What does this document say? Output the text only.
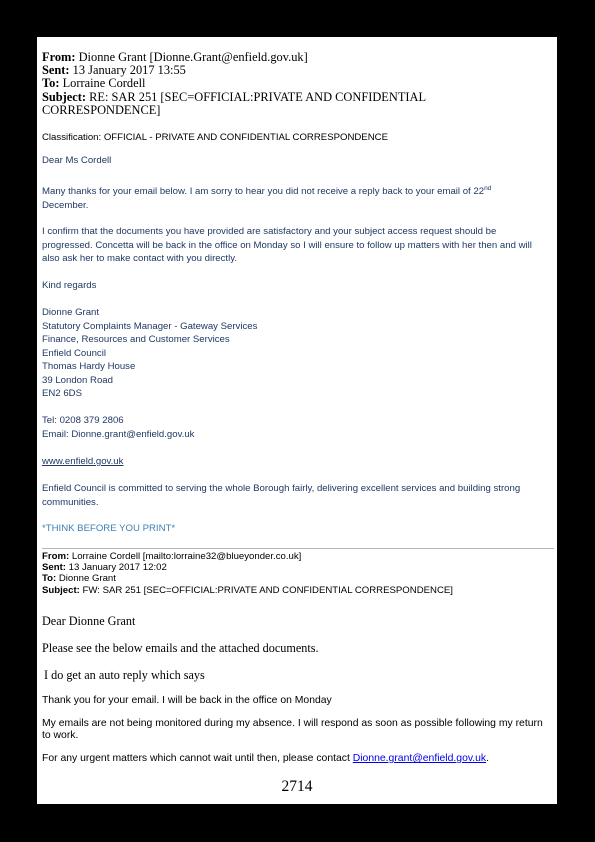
From: Dionne Grant [Dionne.Grant@enfield.gov.uk]
Sent: 13 January 2017 13:55
To: Lorraine Cordell
Subject: RE: SAR 251 [SEC=OFFICIAL:PRIVATE AND CONFIDENTIAL CORRESPONDENCE]
Classification: OFFICIAL - PRIVATE AND CONFIDENTIAL CORRESPONDENCE
Dear Ms Cordell
Many thanks for your email below. I am sorry to hear you did not receive a reply back to your email of 22nd
December.
I confirm that the documents you have provided are satisfactory and your subject access request should be progressed. Concetta will be back in the office on Monday so I will ensure to follow up matters with her then and will also ask her to make contact with you directly.
Kind regards
Dionne Grant
Statutory Complaints Manager - Gateway Services
Finance, Resources and Customer Services
Enfield Council
Thomas Hardy House
39 London Road
EN2 6DS
Tel: 0208 379 2806
Email: Dionne.grant@enfield.gov.uk
www.enfield.gov.uk
Enfield Council is committed to serving the whole Borough fairly, delivering excellent services and building strong communities.
*THINK BEFORE YOU PRINT*
From: Lorraine Cordell [mailto:lorraine32@blueyonder.co.uk]
Sent: 13 January 2017 12:02
To: Dionne Grant
Subject: FW: SAR 251 [SEC=OFFICIAL:PRIVATE AND CONFIDENTIAL CORRESPONDENCE]
Dear Dionne Grant
Please see the below emails and the attached documents.
I do get an auto reply which says
Thank you for your email. I will be back in the office on Monday
My emails are not being monitored during my absence. I will respond as soon as possible following my return to work.
For any urgent matters which cannot wait until then, please contact Dionne.grant@enfield.gov.uk.
2714
